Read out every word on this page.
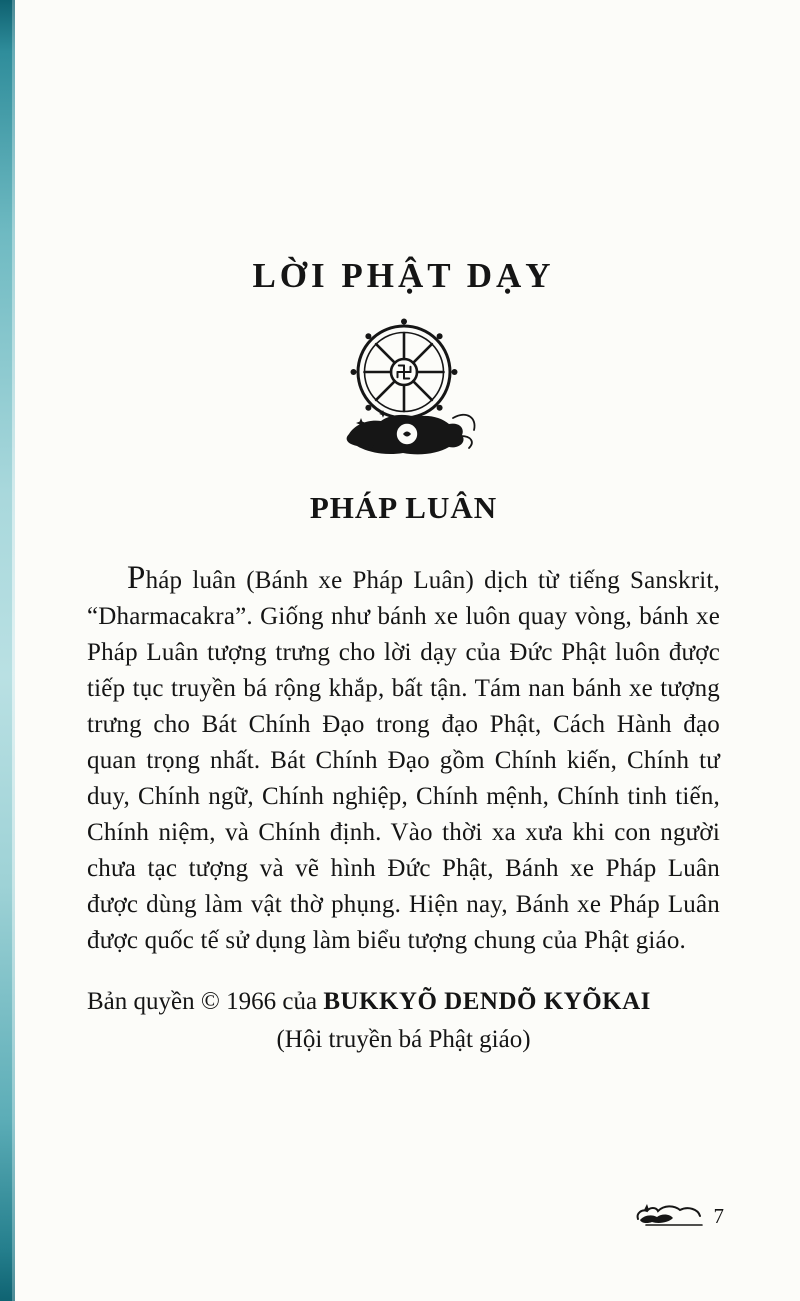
LỜI PHẬT DẠY
PHÁP LUÂN

Pháp luân (Bánh xe Pháp Luân) dịch từ tiếng Sanskrit, “Dharmacakra”. Giống như bánh xe luôn quay vòng, bánh xe Pháp Luân tượng trưng cho lời dạy của Đức Phật luôn được tiếp tục truyền bá rộng khắp, bất tận. Tám nan bánh xe tượng trưng cho Bát Chính Đạo trong đạo Phật, Cách Hành đạo quan trọng nhất. Bát Chính Đạo gồm Chính kiến, Chính tư duy, Chính ngữ, Chính nghiệp, Chính mệnh, Chính tinh tiến, Chính niệm, và Chính định. Vào thời xa xưa khi con người chưa tạc tượng và vẽ hình Đức Phật, Bánh xe Pháp Luân được dùng làm vật thờ phụng. Hiện nay, Bánh xe Pháp Luân được quốc tế sử dụng làm biểu tượng chung của Phật giáo.

Bản quyền © 1966 của BUKKYÕ DENDÕ KYÕKAI

(Hội truyền bá Phật giáo)

7
